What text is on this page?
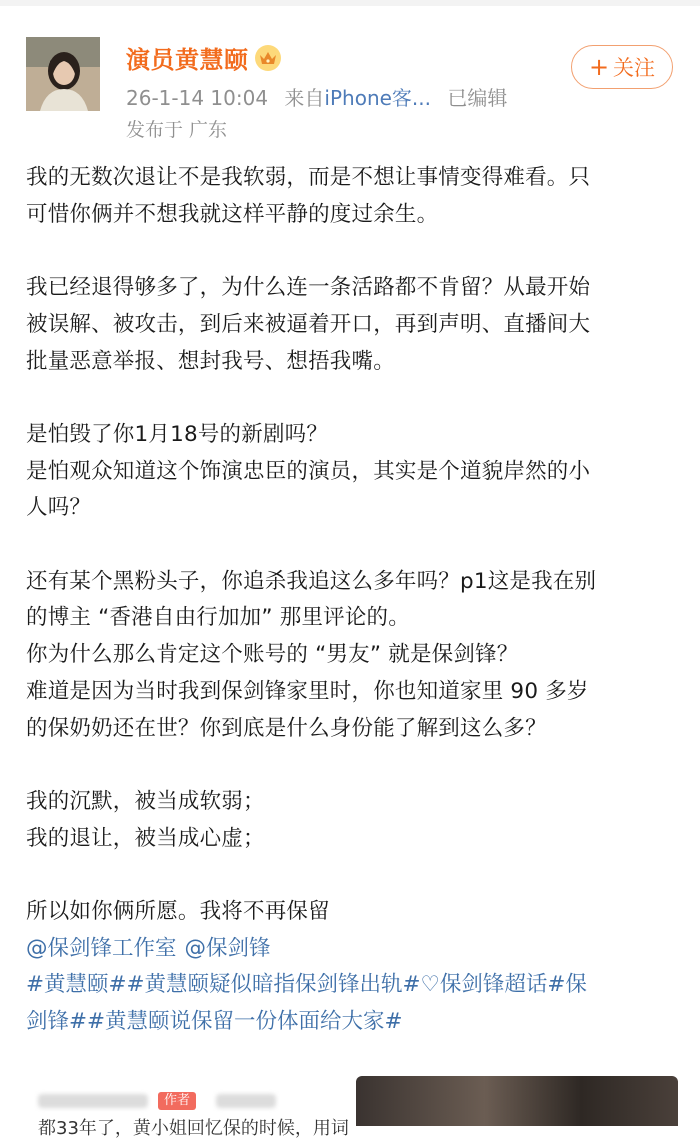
演员黄慧颐
26-1-14 10:04 来自iPhone客... 已编辑
发布于 广东
+ 关注

我的无数次退让不是我软弱，而是不想让事情变得难看。只

可惜你俩并不想我就这样平静的度过余生。

我已经退得够多了，为什么连一条活路都不肯留？从最开始

被误解、被攻击，到后来被逼着开口，再到声明、直播间大

批量恶意举报、想封我号、想捂我嘴。

是怕毁了你1月18号的新剧吗？

是怕观众知道这个饰演忠臣的演员，其实是个道貌岸然的小

人吗？

还有某个黑粉头子，你追杀我追这么多年吗？p1这是我在别

的博主 “香港自由行加加” 那里评论的。

你为什么那么肯定这个账号的 “男友” 就是保剑锋？

难道是因为当时我到保剑锋家里时，你也知道家里 90 多岁

的保奶奶还在世？你到底是什么身份能了解到这么多？

我的沉默，被当成软弱；

我的退让，被当成心虚；

所以如你俩所愿。我将不再保留

@保剑锋工作室 @保剑锋

#黄慧颐##黄慧颐疑似暗指保剑锋出轨#♡保剑锋超话#保

剑锋##黄慧颐说保留一份体面给大家#

作者
都33年了，黄小姐回忆保的时候，用词
